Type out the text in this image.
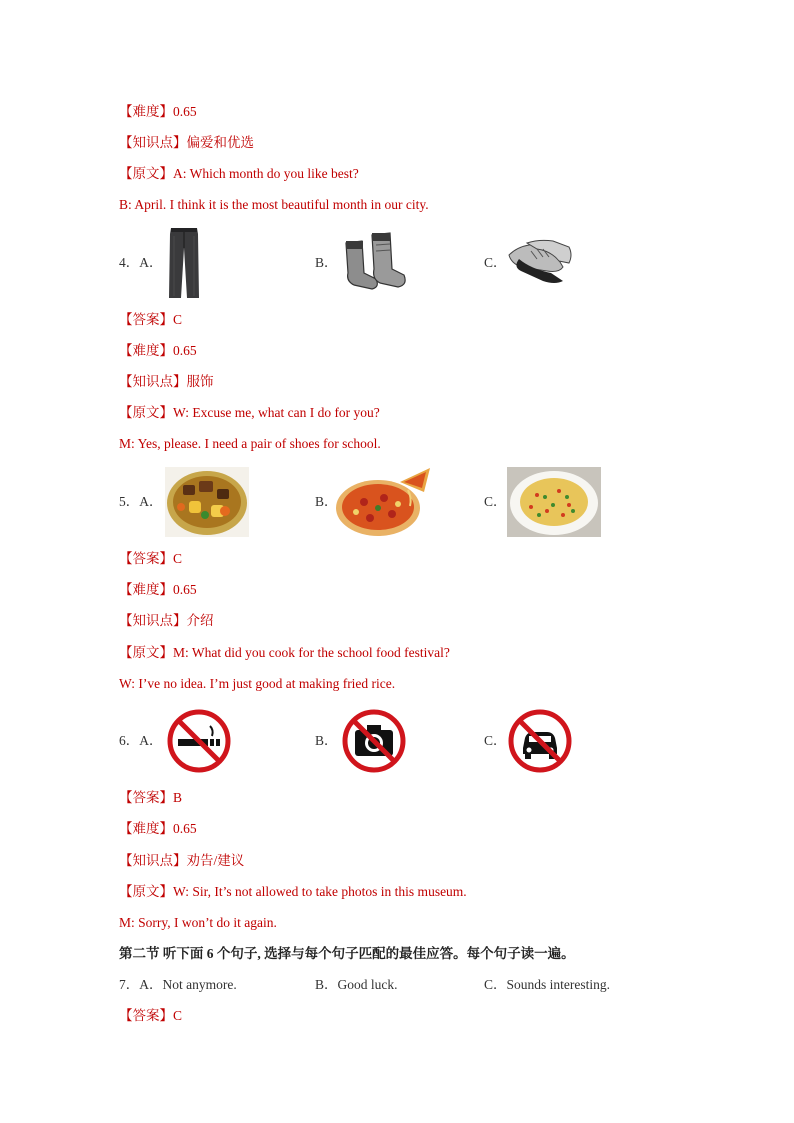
【难度】0.65
【知识点】偏爱和优选
【原文】A: Which month do you like best?
B: April. I think it is the most beautiful month in our city.
4．A．	B．	C．
【答案】C
【难度】0.65
【知识点】服饰
【原文】W: Excuse me, what can I do for you?
M: Yes, please. I need a pair of shoes for school.
5．A．	B．	C．
【答案】C
【难度】0.65
【知识点】介绍
【原文】M: What did you cook for the school food festival?
W: I’ve no idea. I’m just good at making fried rice.
6．A．	B．	C．
【答案】B
【难度】0.65
【知识点】劝告/建议
【原文】W: Sir, It’s not allowed to take photos in this museum.
M: Sorry, I won’t do it again.
第二节 听下面 6 个句子, 选择与每个句子匹配的最佳应答。每个句子读一遍。
7．A．Not anymore.	B．Good luck.	C．Sounds interesting.
【答案】C
